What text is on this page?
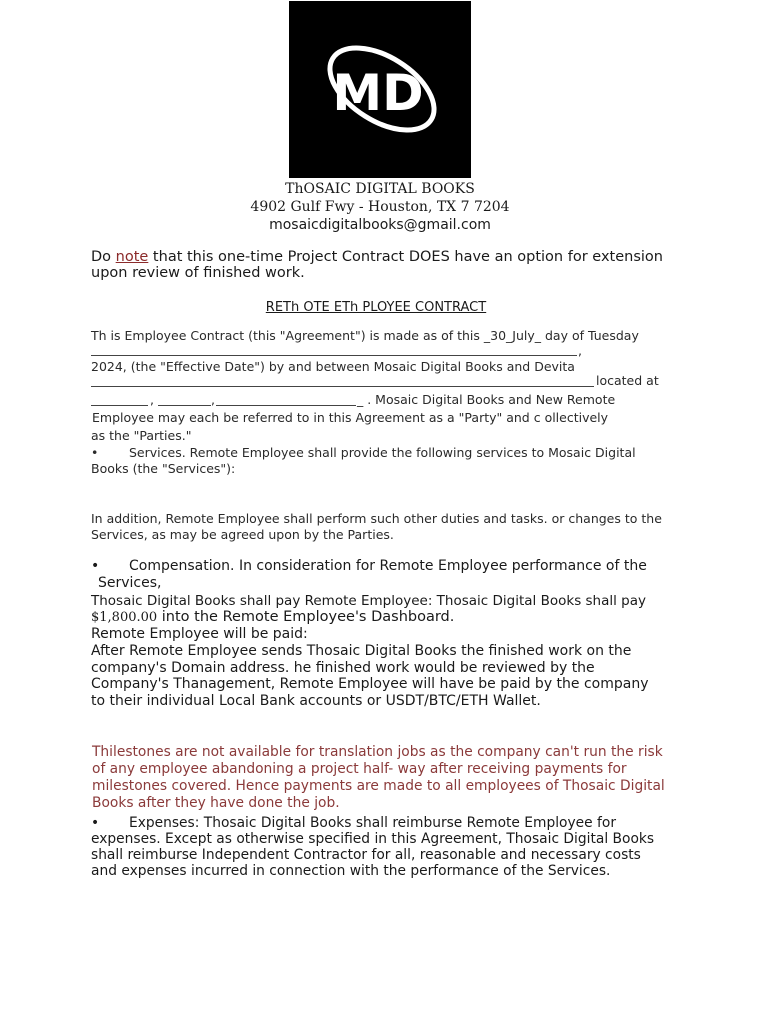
MD
ThOSAIC DIGITAL BOOKS
4902 Gulf Fwy - Houston, TX 7 7204
mosaicdigitalbooks@gmail.com
Do note that this one-time Project Contract DOES have an option for extension upon review of finished work.
RETh OTE ETh PLOYEE CONTRACT
Th is Employee Contract (this "Agreement") is made as of this _30_July_ day of Tuesday
,
2024, (the "Effective Date") by and between Mosaic Digital Books and Devita
located at
,	,	_ . Mosaic Digital Books and New Remote
Employee may each be referred to in this Agreement as a "Party" and c ollectively
as the "Parties."
• Services. Remote Employee shall provide the following services to Mosaic Digital
Books (the "Services"):
In addition, Remote Employee shall perform such other duties and tasks. or changes to the Services, as may be agreed upon by the Parties.
• Compensation. In consideration for Remote Employee performance of the
Services,
Thosaic Digital Books shall pay Remote Employee: Thosaic Digital Books shall pay
$1,800.00 into the Remote Employee's Dashboard.
Remote Employee will be paid:
After Remote Employee sends Thosaic Digital Books the finished work on the company's Domain address. he finished work would be reviewed by the Company's Thanagement, Remote Employee will have be paid by the company to their individual Local Bank accounts or USDT/BTC/ETH Wallet.
Thilestones are not available for translation jobs as the company can't run the risk of any employee abandoning a project half- way after receiving payments for milestones covered. Hence payments are made to all employees of Thosaic Digital Books after they have done the job.
• Expenses: Thosaic Digital Books shall reimburse Remote Employee for
expenses. Except as otherwise specified in this Agreement, Thosaic Digital Books shall reimburse Independent Contractor for all, reasonable and necessary costs and expenses incurred in connection with the performance of the Services.
